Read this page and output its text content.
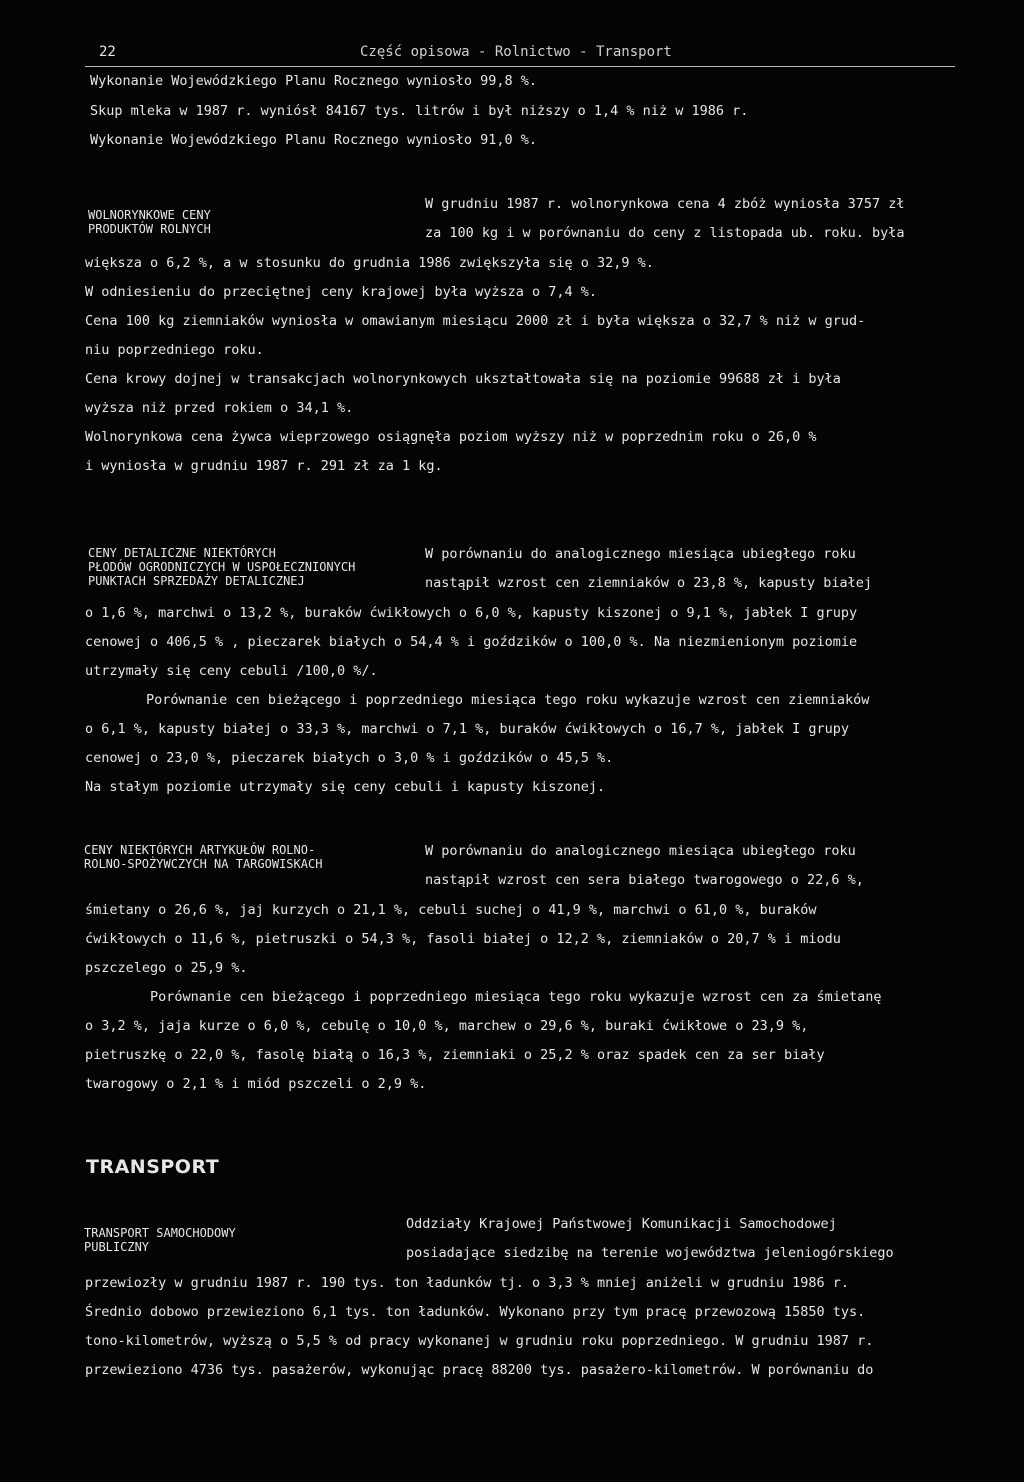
22	Część opisowa - Rolnictwo - Transport
Wykonanie Wojewódzkiego Planu Rocznego wyniosło 99,8 %.
Skup mleka w 1987 r. wyniósł 84167 tys. litrów i był niższy o 1,4 % niż w 1986 r.
Wykonanie Wojewódzkiego Planu Rocznego wyniosło 91,0 %.
WOLNORYNKOWE CENY
PRODUKTÓW ROLNYCH
W grudniu 1987 r. wolnorynkowa cena 4 zbóż wyniosła 3757 zł
za 100 kg i w porównaniu do ceny z listopada ub. roku. była
większa o 6,2 %, a w stosunku do grudnia 1986 zwiększyła się o 32,9 %.
W odniesieniu do przeciętnej ceny krajowej była wyższa o 7,4 %.
Cena 100 kg ziemniaków wyniosła w omawianym miesiącu 2000 zł i była większa o 32,7 % niż w grud-
niu poprzedniego roku.
Cena krowy dojnej w transakcjach wolnorynkowych ukształtowała się na poziomie 99688 zł i była
wyższa niż przed rokiem o 34,1 %.
Wolnorynkowa cena żywca wieprzowego osiągnęła poziom wyższy niż w poprzednim roku o 26,0 %
i wyniosła w grudniu 1987 r. 291 zł za 1 kg.
CENY DETALICZNE NIEKTÓRYCH
PŁODÓW OGRODNICZYCH W USPOŁECZNIONYCH
PUNKTACH SPRZEDAŻY DETALICZNEJ
W porównaniu do analogicznego miesiąca ubiegłego roku
nastąpił wzrost cen ziemniaków o 23,8 %, kapusty białej
o 1,6 %, marchwi o 13,2 %, buraków ćwikłowych o 6,0 %, kapusty kiszonej o 9,1 %, jabłek I grupy
cenowej o 406,5 % , pieczarek białych o 54,4 % i goździków o 100,0 %. Na niezmienionym poziomie
utrzymały się ceny cebuli /100,0 %/.
Porównanie cen bieżącego i poprzedniego miesiąca tego roku wykazuje wzrost cen ziemniaków
o 6,1 %, kapusty białej o 33,3 %, marchwi o 7,1 %, buraków ćwikłowych o 16,7 %, jabłek I grupy
cenowej o 23,0 %, pieczarek białych o 3,0 % i goździków o 45,5 %.
Na stałym poziomie utrzymały się ceny cebuli i kapusty kiszonej.
CENY NIEKTÓRYCH ARTYKUŁÓW ROLNO-
ROLNO-SPOŻYWCZYCH NA TARGOWISKACH
W porównaniu do analogicznego miesiąca ubiegłego roku
nastąpił wzrost cen sera białego twarogowego o 22,6 %,
śmietany o 26,6 %, jaj kurzych o 21,1 %, cebuli suchej o 41,9 %, marchwi o 61,0 %, buraków
ćwikłowych o 11,6 %, pietruszki o 54,3 %, fasoli białej o 12,2 %, ziemniaków o 20,7 % i miodu
pszczelego o 25,9 %.
Porównanie cen bieżącego i poprzedniego miesiąca tego roku wykazuje wzrost cen za śmietanę
o 3,2 %, jaja kurze o 6,0 %, cebulę o 10,0 %, marchew o 29,6 %, buraki ćwikłowe o 23,9 %,
pietruszkę o 22,0 %, fasolę białą o 16,3 %, ziemniaki o 25,2 % oraz spadek cen za ser biały
twarogowy o 2,1 % i miód pszczeli o 2,9 %.
TRANSPORT
TRANSPORT SAMOCHODOWY
PUBLICZNY
Oddziały Krajowej Państwowej Komunikacji Samochodowej
posiadające siedzibę na terenie województwa jeleniogórskiego
przewiozły w grudniu 1987 r. 190 tys. ton ładunków tj. o 3,3 % mniej aniżeli w grudniu 1986 r.
Średnio dobowo przewieziono 6,1 tys. ton ładunków. Wykonano przy tym pracę przewozową 15850 tys.
tono-kilometrów, wyższą o 5,5 % od pracy wykonanej w grudniu roku poprzedniego. W grudniu 1987 r.
przewieziono 4736 tys. pasażerów, wykonując pracę 88200 tys. pasażero-kilometrów. W porównaniu do
